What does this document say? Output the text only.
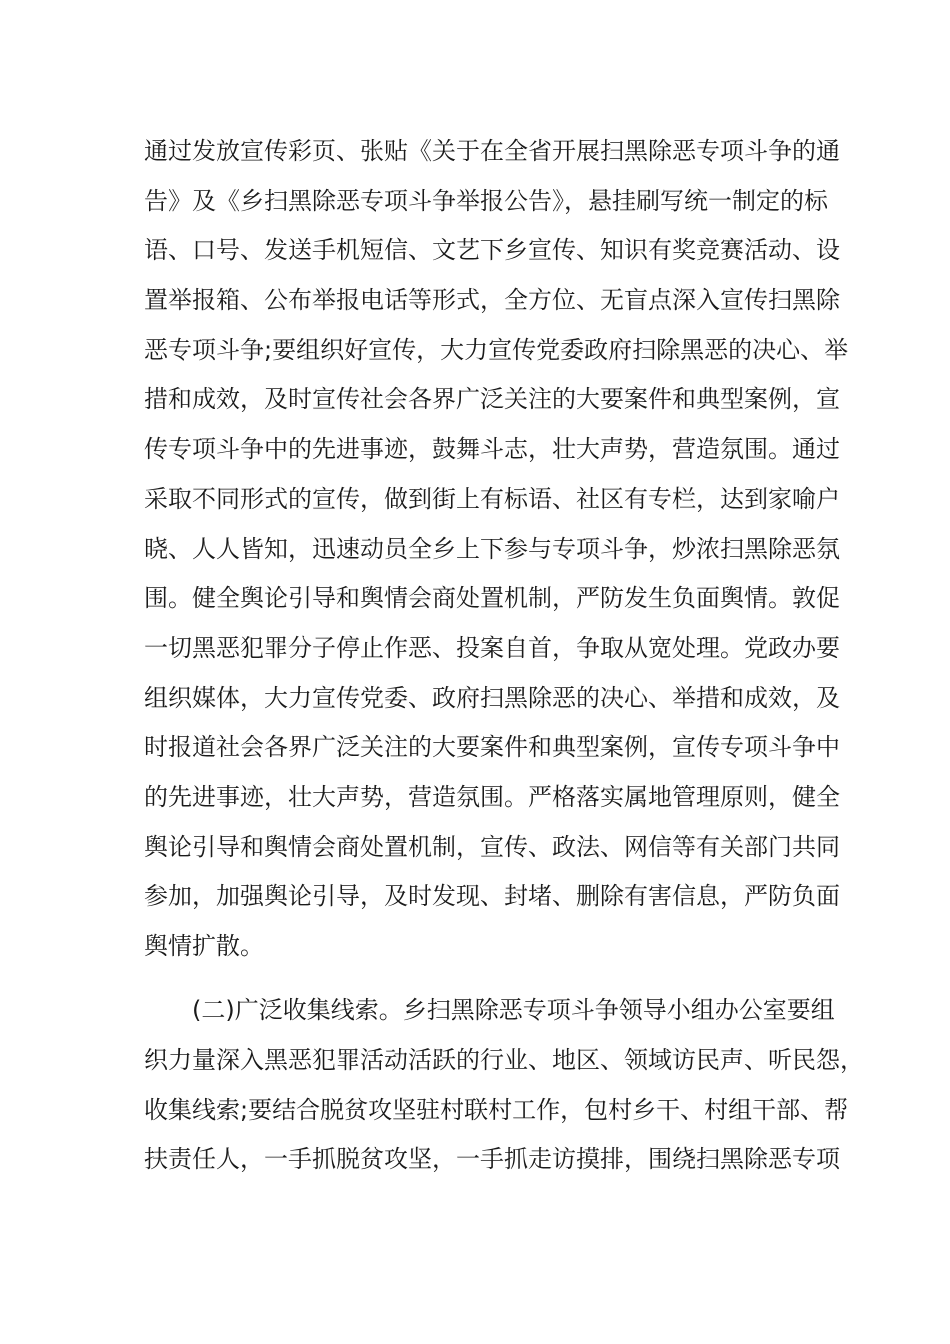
通过发放宣传彩页、张贴《关于在全省开展扫黑除恶专项斗争的通
告》及《乡扫黑除恶专项斗争举报公告》，悬挂刷写统一制定的标
语、口号、发送手机短信、文艺下乡宣传、知识有奖竞赛活动、设
置举报箱、公布举报电话等形式，全方位、无盲点深入宣传扫黑除
恶专项斗争;要组织好宣传，大力宣传党委政府扫除黑恶的决心、举
措和成效，及时宣传社会各界广泛关注的大要案件和典型案例，宣
传专项斗争中的先进事迹，鼓舞斗志，壮大声势，营造氛围。通过
采取不同形式的宣传，做到街上有标语、社区有专栏，达到家喻户
晓、人人皆知，迅速动员全乡上下参与专项斗争，炒浓扫黑除恶氛
围。健全舆论引导和舆情会商处置机制，严防发生负面舆情。敦促
一切黑恶犯罪分子停止作恶、投案自首，争取从宽处理。党政办要
组织媒体，大力宣传党委、政府扫黑除恶的决心、举措和成效，及
时报道社会各界广泛关注的大要案件和典型案例，宣传专项斗争中
的先进事迹，壮大声势，营造氛围。严格落实属地管理原则，健全
舆论引导和舆情会商处置机制，宣传、政法、网信等有关部门共同
参加，加强舆论引导，及时发现、封堵、删除有害信息，严防负面
舆情扩散。
(二)广泛收集线索。乡扫黑除恶专项斗争领导小组办公室要组
织力量深入黑恶犯罪活动活跃的行业、地区、领域访民声、听民怨，
收集线索;要结合脱贫攻坚驻村联村工作，包村乡干、村组干部、帮
扶责任人，一手抓脱贫攻坚，一手抓走访摸排，围绕扫黑除恶专项
